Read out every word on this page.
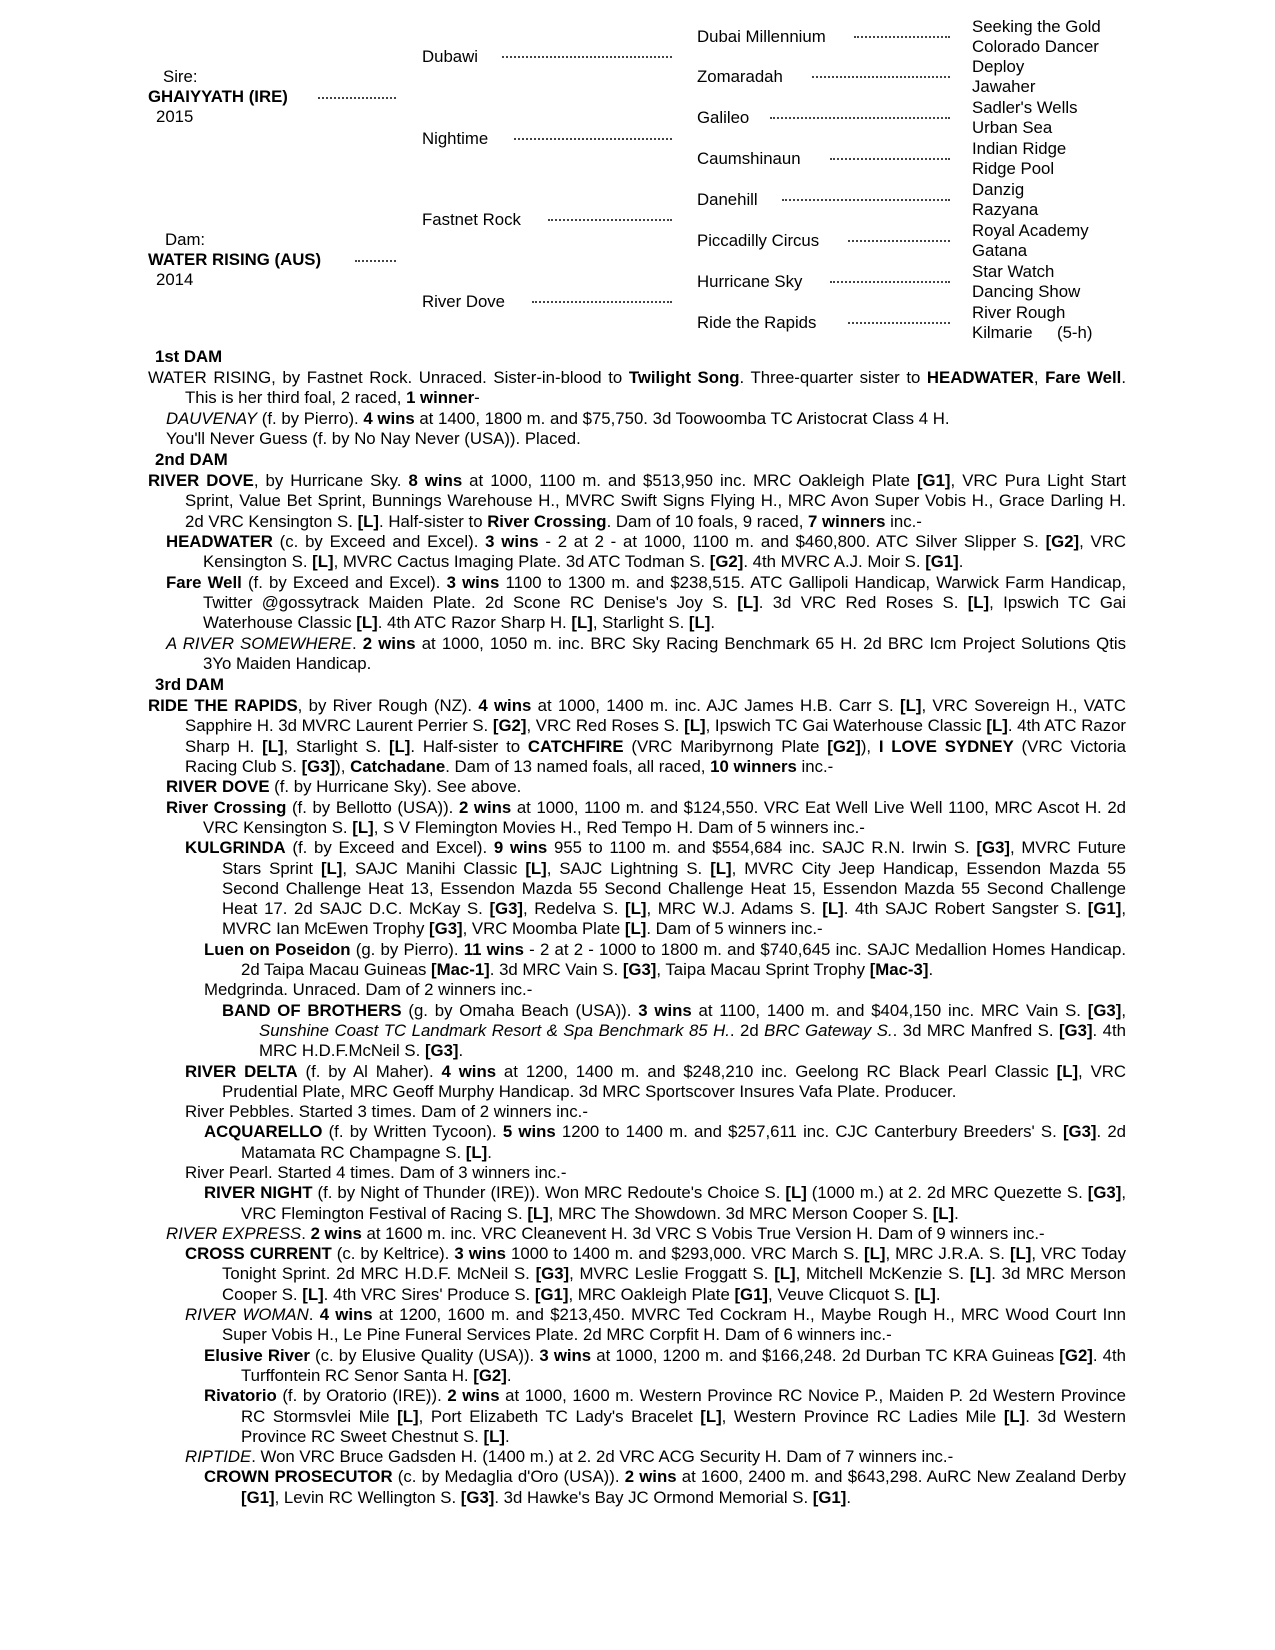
Sire:
GHAIYYATH (IRE)
2015
Dam:
WATER RISING (AUS)
2014
Dubawi
Nightime
Fastnet Rock
River Dove
Dubai Millennium
Zomaradah
Galileo
Caumshinaun
Danehill
Piccadilly Circus
Hurricane Sky
Ride the Rapids
Seeking the Gold
Colorado Dancer
Deploy
Jawaher
Sadler's Wells
Urban Sea
Indian Ridge
Ridge Pool
Danzig
Razyana
Royal Academy
Gatana
Star Watch
Dancing Show
River Rough
Kilmarie (5-h)

1st DAM

WATER RISING, by Fastnet Rock. Unraced. Sister-in-blood to Twilight Song. Three-quarter sister to HEADWATER, Fare Well. This is her third foal, 2 raced, 1 winner-

DAUVENAY (f. by Pierro). 4 wins at 1400, 1800 m. and $75,750. 3d Toowoomba TC Aristocrat Class 4 H.

You'll Never Guess (f. by No Nay Never (USA)). Placed.

2nd DAM

RIVER DOVE, by Hurricane Sky. 8 wins at 1000, 1100 m. and $513,950 inc. MRC Oakleigh Plate [G1], VRC Pura Light Start Sprint, Value Bet Sprint, Bunnings Warehouse H., MVRC Swift Signs Flying H., MRC Avon Super Vobis H., Grace Darling H. 2d VRC Kensington S. [L]. Half-sister to River Crossing. Dam of 10 foals, 9 raced, 7 winners inc.-

HEADWATER (c. by Exceed and Excel). 3 wins - 2 at 2 - at 1000, 1100 m. and $460,800. ATC Silver Slipper S. [G2], VRC Kensington S. [L], MVRC Cactus Imaging Plate. 3d ATC Todman S. [G2]. 4th MVRC A.J. Moir S. [G1].

Fare Well (f. by Exceed and Excel). 3 wins 1100 to 1300 m. and $238,515. ATC Gallipoli Handicap, Warwick Farm Handicap, Twitter @gossytrack Maiden Plate. 2d Scone RC Denise's Joy S. [L]. 3d VRC Red Roses S. [L], Ipswich TC Gai Waterhouse Classic [L]. 4th ATC Razor Sharp H. [L], Starlight S. [L].

A RIVER SOMEWHERE. 2 wins at 1000, 1050 m. inc. BRC Sky Racing Benchmark 65 H. 2d BRC Icm Project Solutions Qtis 3Yo Maiden Handicap.

3rd DAM

RIDE THE RAPIDS, by River Rough (NZ). 4 wins at 1000, 1400 m. inc. AJC James H.B. Carr S. [L], VRC Sovereign H., VATC Sapphire H. 3d MVRC Laurent Perrier S. [G2], VRC Red Roses S. [L], Ipswich TC Gai Waterhouse Classic [L]. 4th ATC Razor Sharp H. [L], Starlight S. [L]. Half-sister to CATCHFIRE (VRC Maribyrnong Plate [G2]), I LOVE SYDNEY (VRC Victoria Racing Club S. [G3]), Catchadane. Dam of 13 named foals, all raced, 10 winners inc.-

RIVER DOVE (f. by Hurricane Sky). See above.

River Crossing (f. by Bellotto (USA)). 2 wins at 1000, 1100 m. and $124,550. VRC Eat Well Live Well 1100, MRC Ascot H. 2d VRC Kensington S. [L], S V Flemington Movies H., Red Tempo H. Dam of 5 winners inc.-

KULGRINDA (f. by Exceed and Excel). 9 wins 955 to 1100 m. and $554,684 inc. SAJC R.N. Irwin S. [G3], MVRC Future Stars Sprint [L], SAJC Manihi Classic [L], SAJC Lightning S. [L], MVRC City Jeep Handicap, Essendon Mazda 55 Second Challenge Heat 13, Essendon Mazda 55 Second Challenge Heat 15, Essendon Mazda 55 Second Challenge Heat 17. 2d SAJC D.C. McKay S. [G3], Redelva S. [L], MRC W.J. Adams S. [L]. 4th SAJC Robert Sangster S. [G1], MVRC Ian McEwen Trophy [G3], VRC Moomba Plate [L]. Dam of 5 winners inc.-

Luen on Poseidon (g. by Pierro). 11 wins - 2 at 2 - 1000 to 1800 m. and $740,645 inc. SAJC Medallion Homes Handicap. 2d Taipa Macau Guineas [Mac-1]. 3d MRC Vain S. [G3], Taipa Macau Sprint Trophy [Mac-3].

Medgrinda. Unraced. Dam of 2 winners inc.-

BAND OF BROTHERS (g. by Omaha Beach (USA)). 3 wins at 1100, 1400 m. and $404,150 inc. MRC Vain S. [G3], Sunshine Coast TC Landmark Resort & Spa Benchmark 85 H.. 2d BRC Gateway S.. 3d MRC Manfred S. [G3]. 4th MRC H.D.F.McNeil S. [G3].

RIVER DELTA (f. by Al Maher). 4 wins at 1200, 1400 m. and $248,210 inc. Geelong RC Black Pearl Classic [L], VRC Prudential Plate, MRC Geoff Murphy Handicap. 3d MRC Sportscover Insures Vafa Plate. Producer.

River Pebbles. Started 3 times. Dam of 2 winners inc.-

ACQUARELLO (f. by Written Tycoon). 5 wins 1200 to 1400 m. and $257,611 inc. CJC Canterbury Breeders' S. [G3]. 2d Matamata RC Champagne S. [L].

River Pearl. Started 4 times. Dam of 3 winners inc.-

RIVER NIGHT (f. by Night of Thunder (IRE)). Won MRC Redoute's Choice S. [L] (1000 m.) at 2. 2d MRC Quezette S. [G3], VRC Flemington Festival of Racing S. [L], MRC The Showdown. 3d MRC Merson Cooper S. [L].

RIVER EXPRESS. 2 wins at 1600 m. inc. VRC Cleanevent H. 3d VRC S Vobis True Version H. Dam of 9 winners inc.-

CROSS CURRENT (c. by Keltrice). 3 wins 1000 to 1400 m. and $293,000. VRC March S. [L], MRC J.R.A. S. [L], VRC Today Tonight Sprint. 2d MRC H.D.F. McNeil S. [G3], MVRC Leslie Froggatt S. [L], Mitchell McKenzie S. [L]. 3d MRC Merson Cooper S. [L]. 4th VRC Sires' Produce S. [G1], MRC Oakleigh Plate [G1], Veuve Clicquot S. [L].

RIVER WOMAN. 4 wins at 1200, 1600 m. and $213,450. MVRC Ted Cockram H., Maybe Rough H., MRC Wood Court Inn Super Vobis H., Le Pine Funeral Services Plate. 2d MRC Corpfit H. Dam of 6 winners inc.-

Elusive River (c. by Elusive Quality (USA)). 3 wins at 1000, 1200 m. and $166,248. 2d Durban TC KRA Guineas [G2]. 4th Turffontein RC Senor Santa H. [G2].

Rivatorio (f. by Oratorio (IRE)). 2 wins at 1000, 1600 m. Western Province RC Novice P., Maiden P. 2d Western Province RC Stormsvlei Mile [L], Port Elizabeth TC Lady's Bracelet [L], Western Province RC Ladies Mile [L]. 3d Western Province RC Sweet Chestnut S. [L].

RIPTIDE. Won VRC Bruce Gadsden H. (1400 m.) at 2. 2d VRC ACG Security H. Dam of 7 winners inc.-

CROWN PROSECUTOR (c. by Medaglia d'Oro (USA)). 2 wins at 1600, 2400 m. and $643,298. AuRC New Zealand Derby [G1], Levin RC Wellington S. [G3]. 3d Hawke's Bay JC Ormond Memorial S. [G1].
